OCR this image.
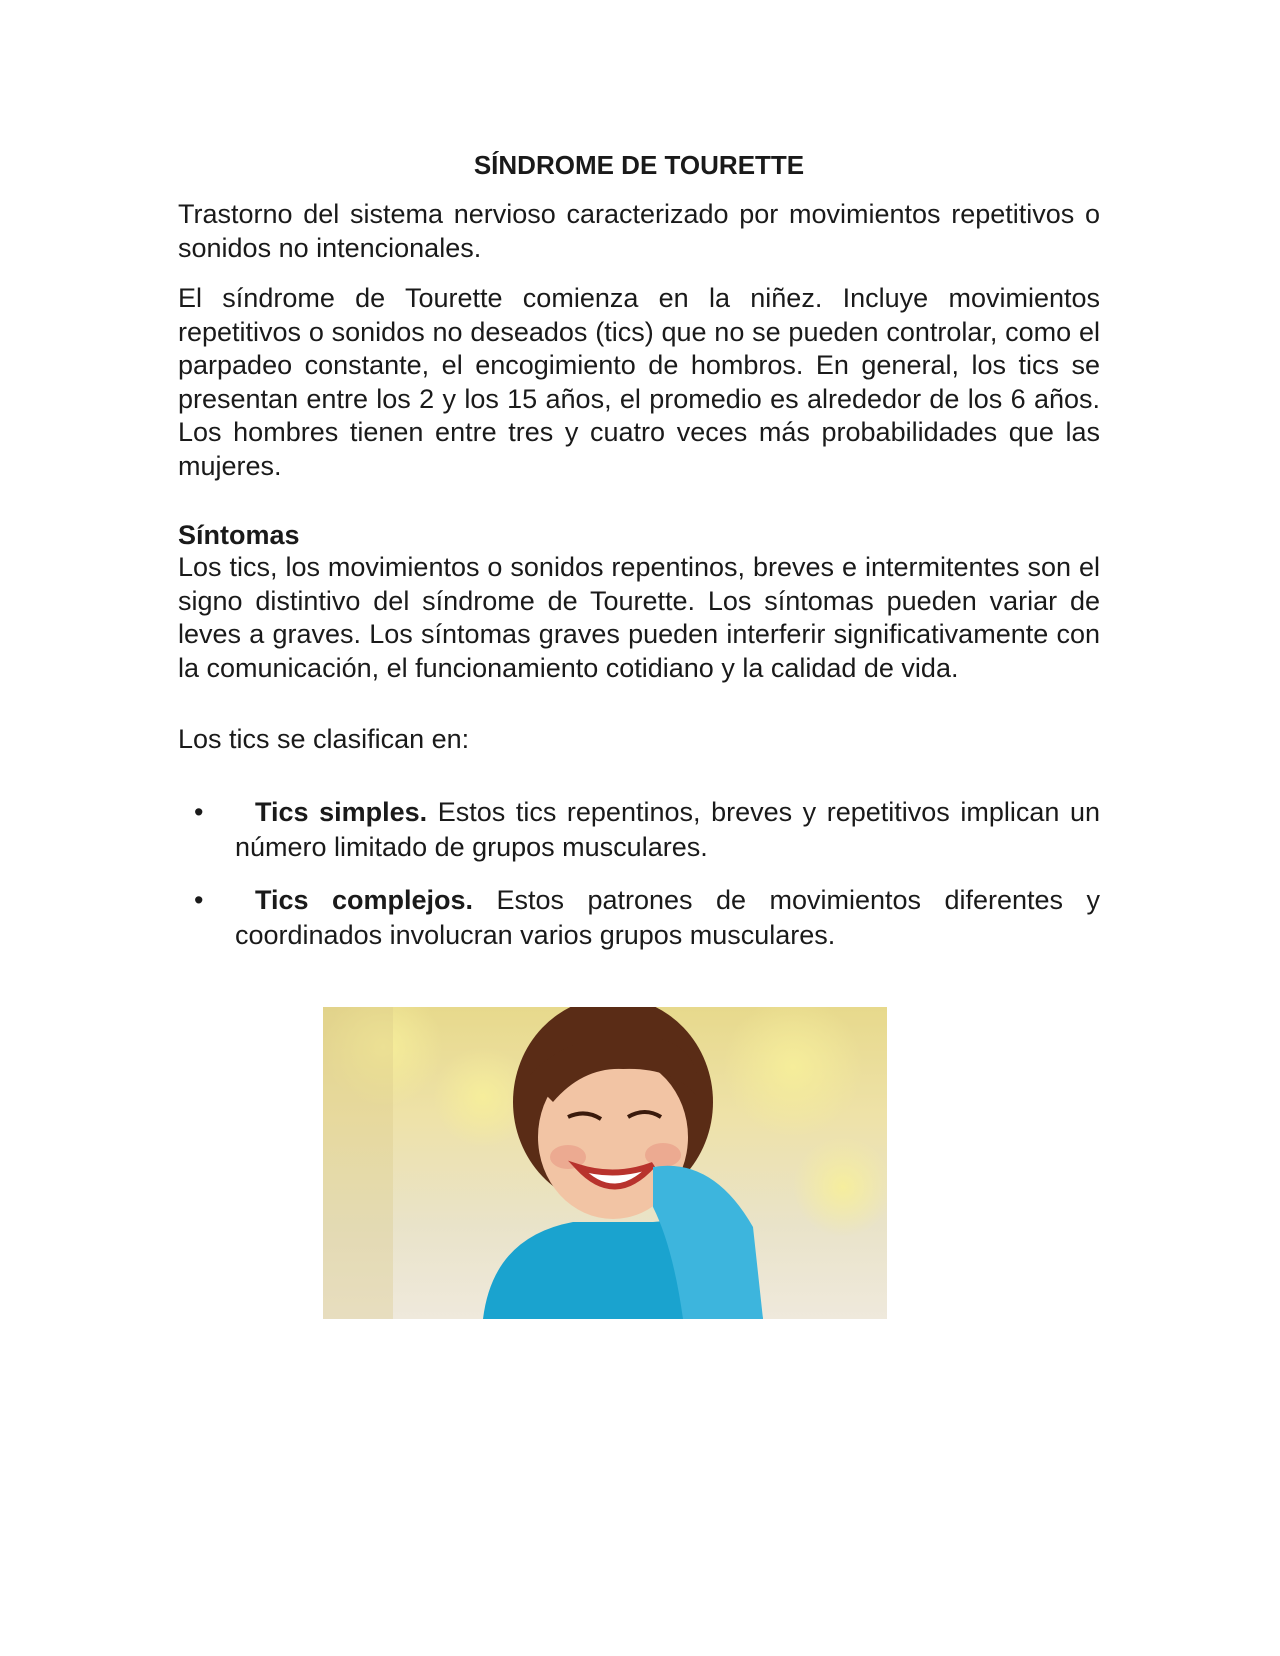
SÍNDROME DE TOURETTE

Trastorno del sistema nervioso caracterizado por movimientos repetitivos o sonidos no intencionales.

El síndrome de Tourette comienza en la niñez. Incluye movimientos repetitivos o sonidos no deseados (tics) que no se pueden controlar, como el parpadeo constante, el encogimiento de hombros. En general, los tics se presentan entre los 2 y los 15 años, el promedio es alrededor de los 6 años. Los hombres tienen entre tres y cuatro veces más probabilidades que las mujeres.

Síntomas

Los tics, los movimientos o sonidos repentinos, breves e intermitentes son el signo distintivo del síndrome de Tourette. Los síntomas pueden variar de leves a graves. Los síntomas graves pueden interferir significativamente con la comunicación, el funcionamiento cotidiano y la calidad de vida.

Los tics se clasifican en:

• Tics simples. Estos tics repentinos, breves y repetitivos implican un número limitado de grupos musculares.
• Tics complejos. Estos patrones de movimientos diferentes y coordinados involucran varios grupos musculares.
